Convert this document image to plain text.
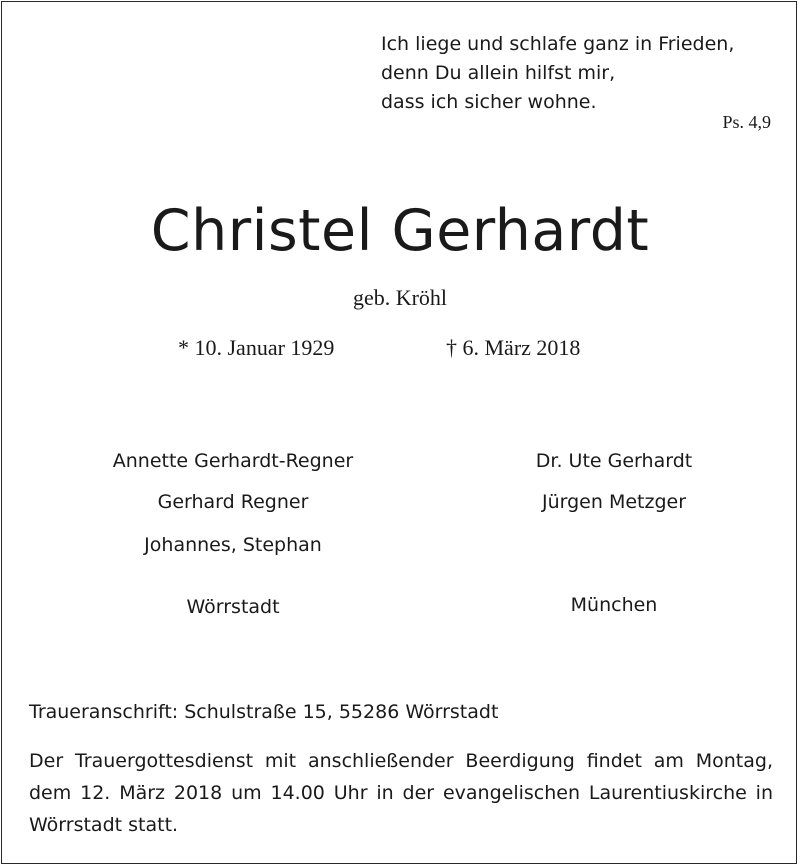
Ich liege und schlafe ganz in Frieden,
denn Du allein hilfst mir,
dass ich sicher wohne.
Ps. 4,9
Christel Gerhardt
geb. Kröhl
* 10. Januar 1929	† 6. März 2018
Annette Gerhardt-Regner
Gerhard Regner
Johannes, Stephan
Wörrstadt
Dr. Ute Gerhardt
Jürgen Metzger
München
Traueranschrift: Schulstraße 15, 55286 Wörrstadt
Der Trauergottesdienst mit anschließender Beerdigung findet am Montag, dem 12. März 2018 um 14.00 Uhr in der evangelischen Laurentiuskirche in Wörrstadt statt.
